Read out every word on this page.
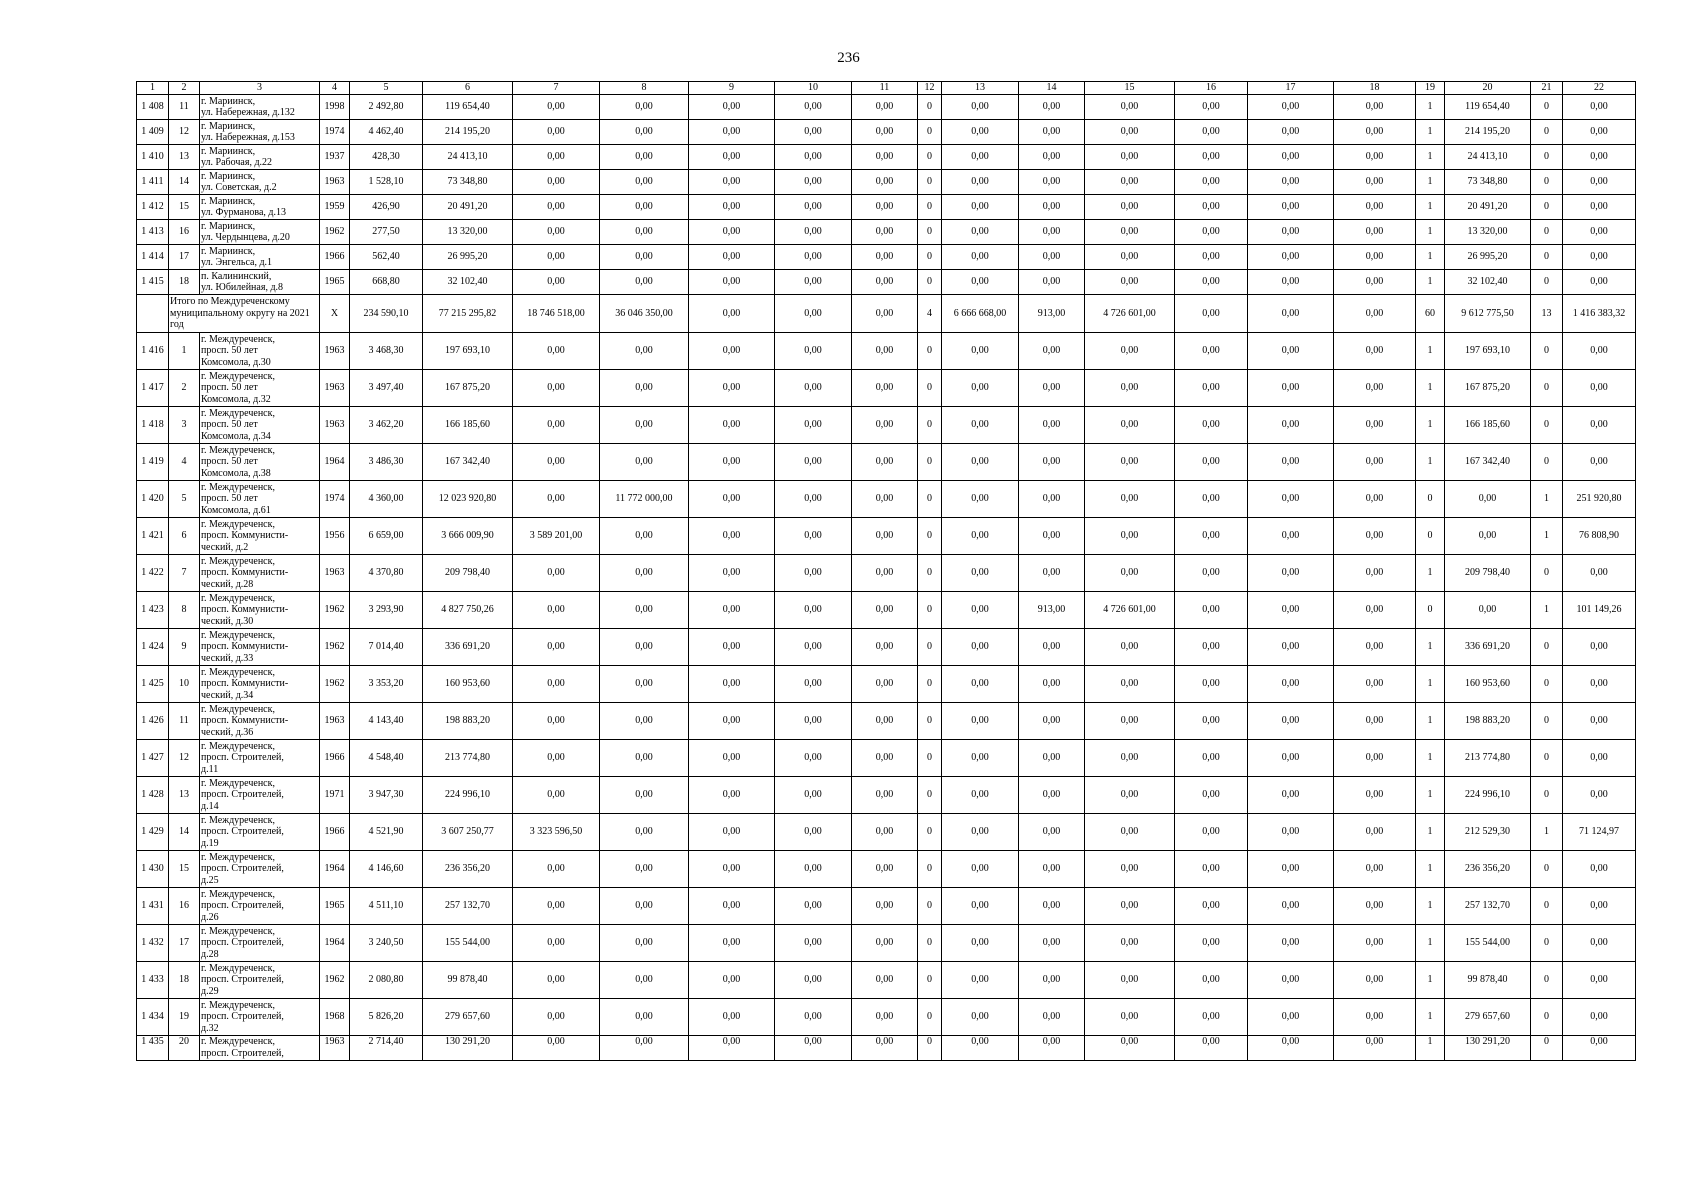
236
1	2	3	4	5	6	7	8	9	10	11	12	13	14	15	16	17	18	19	20	21	22
1 408	11	г. Мариинск,
ул. Набережная, д.132	1998	2 492,80	119 654,40	0,00	0,00	0,00	0,00	0,00	0	0,00	0,00	0,00	0,00	0,00	0,00	1	119 654,40	0	0,00
1 409	12	г. Мариинск,
ул. Набережная, д.153	1974	4 462,40	214 195,20	0,00	0,00	0,00	0,00	0,00	0	0,00	0,00	0,00	0,00	0,00	0,00	1	214 195,20	0	0,00
1 410	13	г. Мариинск,
ул. Рабочая, д.22	1937	428,30	24 413,10	0,00	0,00	0,00	0,00	0,00	0	0,00	0,00	0,00	0,00	0,00	0,00	1	24 413,10	0	0,00
1 411	14	г. Мариинск,
ул. Советская, д.2	1963	1 528,10	73 348,80	0,00	0,00	0,00	0,00	0,00	0	0,00	0,00	0,00	0,00	0,00	0,00	1	73 348,80	0	0,00
1 412	15	г. Мариинск,
ул. Фурманова, д.13	1959	426,90	20 491,20	0,00	0,00	0,00	0,00	0,00	0	0,00	0,00	0,00	0,00	0,00	0,00	1	20 491,20	0	0,00
1 413	16	г. Мариинск,
ул. Чердынцева, д.20	1962	277,50	13 320,00	0,00	0,00	0,00	0,00	0,00	0	0,00	0,00	0,00	0,00	0,00	0,00	1	13 320,00	0	0,00
1 414	17	г. Мариинск,
ул. Энгельса, д.1	1966	562,40	26 995,20	0,00	0,00	0,00	0,00	0,00	0	0,00	0,00	0,00	0,00	0,00	0,00	1	26 995,20	0	0,00
1 415	18	п. Калининский,
ул. Юбилейная, д.8	1965	668,80	32 102,40	0,00	0,00	0,00	0,00	0,00	0	0,00	0,00	0,00	0,00	0,00	0,00	1	32 102,40	0	0,00
	Итого по Междуреченскому муниципальному округу на 2021 год		X	234 590,10	77 215 295,82	18 746 518,00	36 046 350,00	0,00	0,00	0,00	4	6 666 668,00	913,00	4 726 601,00	0,00	0,00	0,00	60	9 612 775,50	13	1 416 383,32
1 416	1	г. Междуреченск,
просп. 50 лет
Комсомола, д.30	1963	3 468,30	197 693,10	0,00	0,00	0,00	0,00	0,00	0	0,00	0,00	0,00	0,00	0,00	0,00	1	197 693,10	0	0,00
1 417	2	г. Междуреченск,
просп. 50 лет
Комсомола, д.32	1963	3 497,40	167 875,20	0,00	0,00	0,00	0,00	0,00	0	0,00	0,00	0,00	0,00	0,00	0,00	1	167 875,20	0	0,00
1 418	3	г. Междуреченск,
просп. 50 лет
Комсомола, д.34	1963	3 462,20	166 185,60	0,00	0,00	0,00	0,00	0,00	0	0,00	0,00	0,00	0,00	0,00	0,00	1	166 185,60	0	0,00
1 419	4	г. Междуреченск,
просп. 50 лет
Комсомола, д.38	1964	3 486,30	167 342,40	0,00	0,00	0,00	0,00	0,00	0	0,00	0,00	0,00	0,00	0,00	0,00	1	167 342,40	0	0,00
1 420	5	г. Междуреченск,
просп. 50 лет
Комсомола, д.61	1974	4 360,00	12 023 920,80	0,00	11 772 000,00	0,00	0,00	0,00	0	0,00	0,00	0,00	0,00	0,00	0,00	0	0,00	1	251 920,80
1 421	6	г. Междуреченск,
просп. Коммунисти-
ческий, д.2	1956	6 659,00	3 666 009,90	3 589 201,00	0,00	0,00	0,00	0,00	0	0,00	0,00	0,00	0,00	0,00	0,00	0	0,00	1	76 808,90
1 422	7	г. Междуреченск,
просп. Коммунисти-
ческий, д.28	1963	4 370,80	209 798,40	0,00	0,00	0,00	0,00	0,00	0	0,00	0,00	0,00	0,00	0,00	0,00	1	209 798,40	0	0,00
1 423	8	г. Междуреченск,
просп. Коммунисти-
ческий, д.30	1962	3 293,90	4 827 750,26	0,00	0,00	0,00	0,00	0,00	0	0,00	913,00	4 726 601,00	0,00	0,00	0,00	0	0,00	1	101 149,26
1 424	9	г. Междуреченск,
просп. Коммунисти-
ческий, д.33	1962	7 014,40	336 691,20	0,00	0,00	0,00	0,00	0,00	0	0,00	0,00	0,00	0,00	0,00	0,00	1	336 691,20	0	0,00
1 425	10	г. Междуреченск,
просп. Коммунисти-
ческий, д.34	1962	3 353,20	160 953,60	0,00	0,00	0,00	0,00	0,00	0	0,00	0,00	0,00	0,00	0,00	0,00	1	160 953,60	0	0,00
1 426	11	г. Междуреченск,
просп. Коммунисти-
ческий, д.36	1963	4 143,40	198 883,20	0,00	0,00	0,00	0,00	0,00	0	0,00	0,00	0,00	0,00	0,00	0,00	1	198 883,20	0	0,00
1 427	12	г. Междуреченск,
просп. Строителей,
д.11	1966	4 548,40	213 774,80	0,00	0,00	0,00	0,00	0,00	0	0,00	0,00	0,00	0,00	0,00	0,00	1	213 774,80	0	0,00
1 428	13	г. Междуреченск,
просп. Строителей,
д.14	1971	3 947,30	224 996,10	0,00	0,00	0,00	0,00	0,00	0	0,00	0,00	0,00	0,00	0,00	0,00	1	224 996,10	0	0,00
1 429	14	г. Междуреченск,
просп. Строителей,
д.19	1966	4 521,90	3 607 250,77	3 323 596,50	0,00	0,00	0,00	0,00	0	0,00	0,00	0,00	0,00	0,00	0,00	1	212 529,30	1	71 124,97
1 430	15	г. Междуреченск,
просп. Строителей,
д.25	1964	4 146,60	236 356,20	0,00	0,00	0,00	0,00	0,00	0	0,00	0,00	0,00	0,00	0,00	0,00	1	236 356,20	0	0,00
1 431	16	г. Междуреченск,
просп. Строителей,
д.26	1965	4 511,10	257 132,70	0,00	0,00	0,00	0,00	0,00	0	0,00	0,00	0,00	0,00	0,00	0,00	1	257 132,70	0	0,00
1 432	17	г. Междуреченск,
просп. Строителей,
д.28	1964	3 240,50	155 544,00	0,00	0,00	0,00	0,00	0,00	0	0,00	0,00	0,00	0,00	0,00	0,00	1	155 544,00	0	0,00
1 433	18	г. Междуреченск,
просп. Строителей,
д.29	1962	2 080,80	99 878,40	0,00	0,00	0,00	0,00	0,00	0	0,00	0,00	0,00	0,00	0,00	0,00	1	99 878,40	0	0,00
1 434	19	г. Междуреченск,
просп. Строителей,
д.32	1968	5 826,20	279 657,60	0,00	0,00	0,00	0,00	0,00	0	0,00	0,00	0,00	0,00	0,00	0,00	1	279 657,60	0	0,00
1 435	20	г. Междуреченск,
просп. Строителей,	1963	2 714,40	130 291,20	0,00	0,00	0,00	0,00	0,00	0	0,00	0,00	0,00	0,00	0,00	0,00	1	130 291,20	0	0,00
